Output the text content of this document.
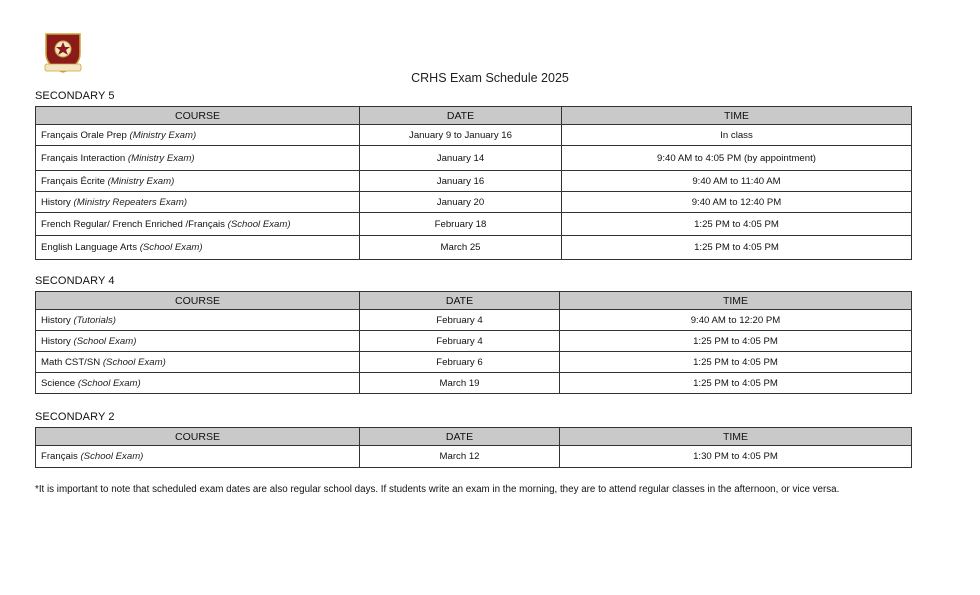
CRHS Exam Schedule 2025
SECONDARY 5
COURSE	DATE	TIME
Français Orale Prep (Ministry Exam)	January 9 to January 16	In class
Français Interaction (Ministry Exam)	January 14	9:40 AM to 4:05 PM (by appointment)
Français Écrite (Ministry Exam)	January 16	9:40 AM to 11:40 AM
History (Ministry Repeaters Exam)	January 20	9:40 AM to 12:40 PM
French Regular/ French Enriched /Français (School Exam)	February 18	1:25 PM to 4:05 PM
English Language Arts (School Exam)	March 25	1:25 PM to 4:05 PM
SECONDARY 4
COURSE	DATE	TIME
History (Tutorials)	February 4	9:40 AM to 12:20 PM
History (School Exam)	February 4	1:25 PM to 4:05 PM
Math CST/SN (School Exam)	February 6	1:25 PM to 4:05 PM
Science (School Exam)	March 19	1:25 PM to 4:05 PM
SECONDARY 2
COURSE	DATE	TIME
Français (School Exam)	March 12	1:30 PM to 4:05 PM
*It is important to note that scheduled exam dates are also regular school days. If students write an exam in the morning, they are to attend regular classes in the afternoon, or vice versa.
